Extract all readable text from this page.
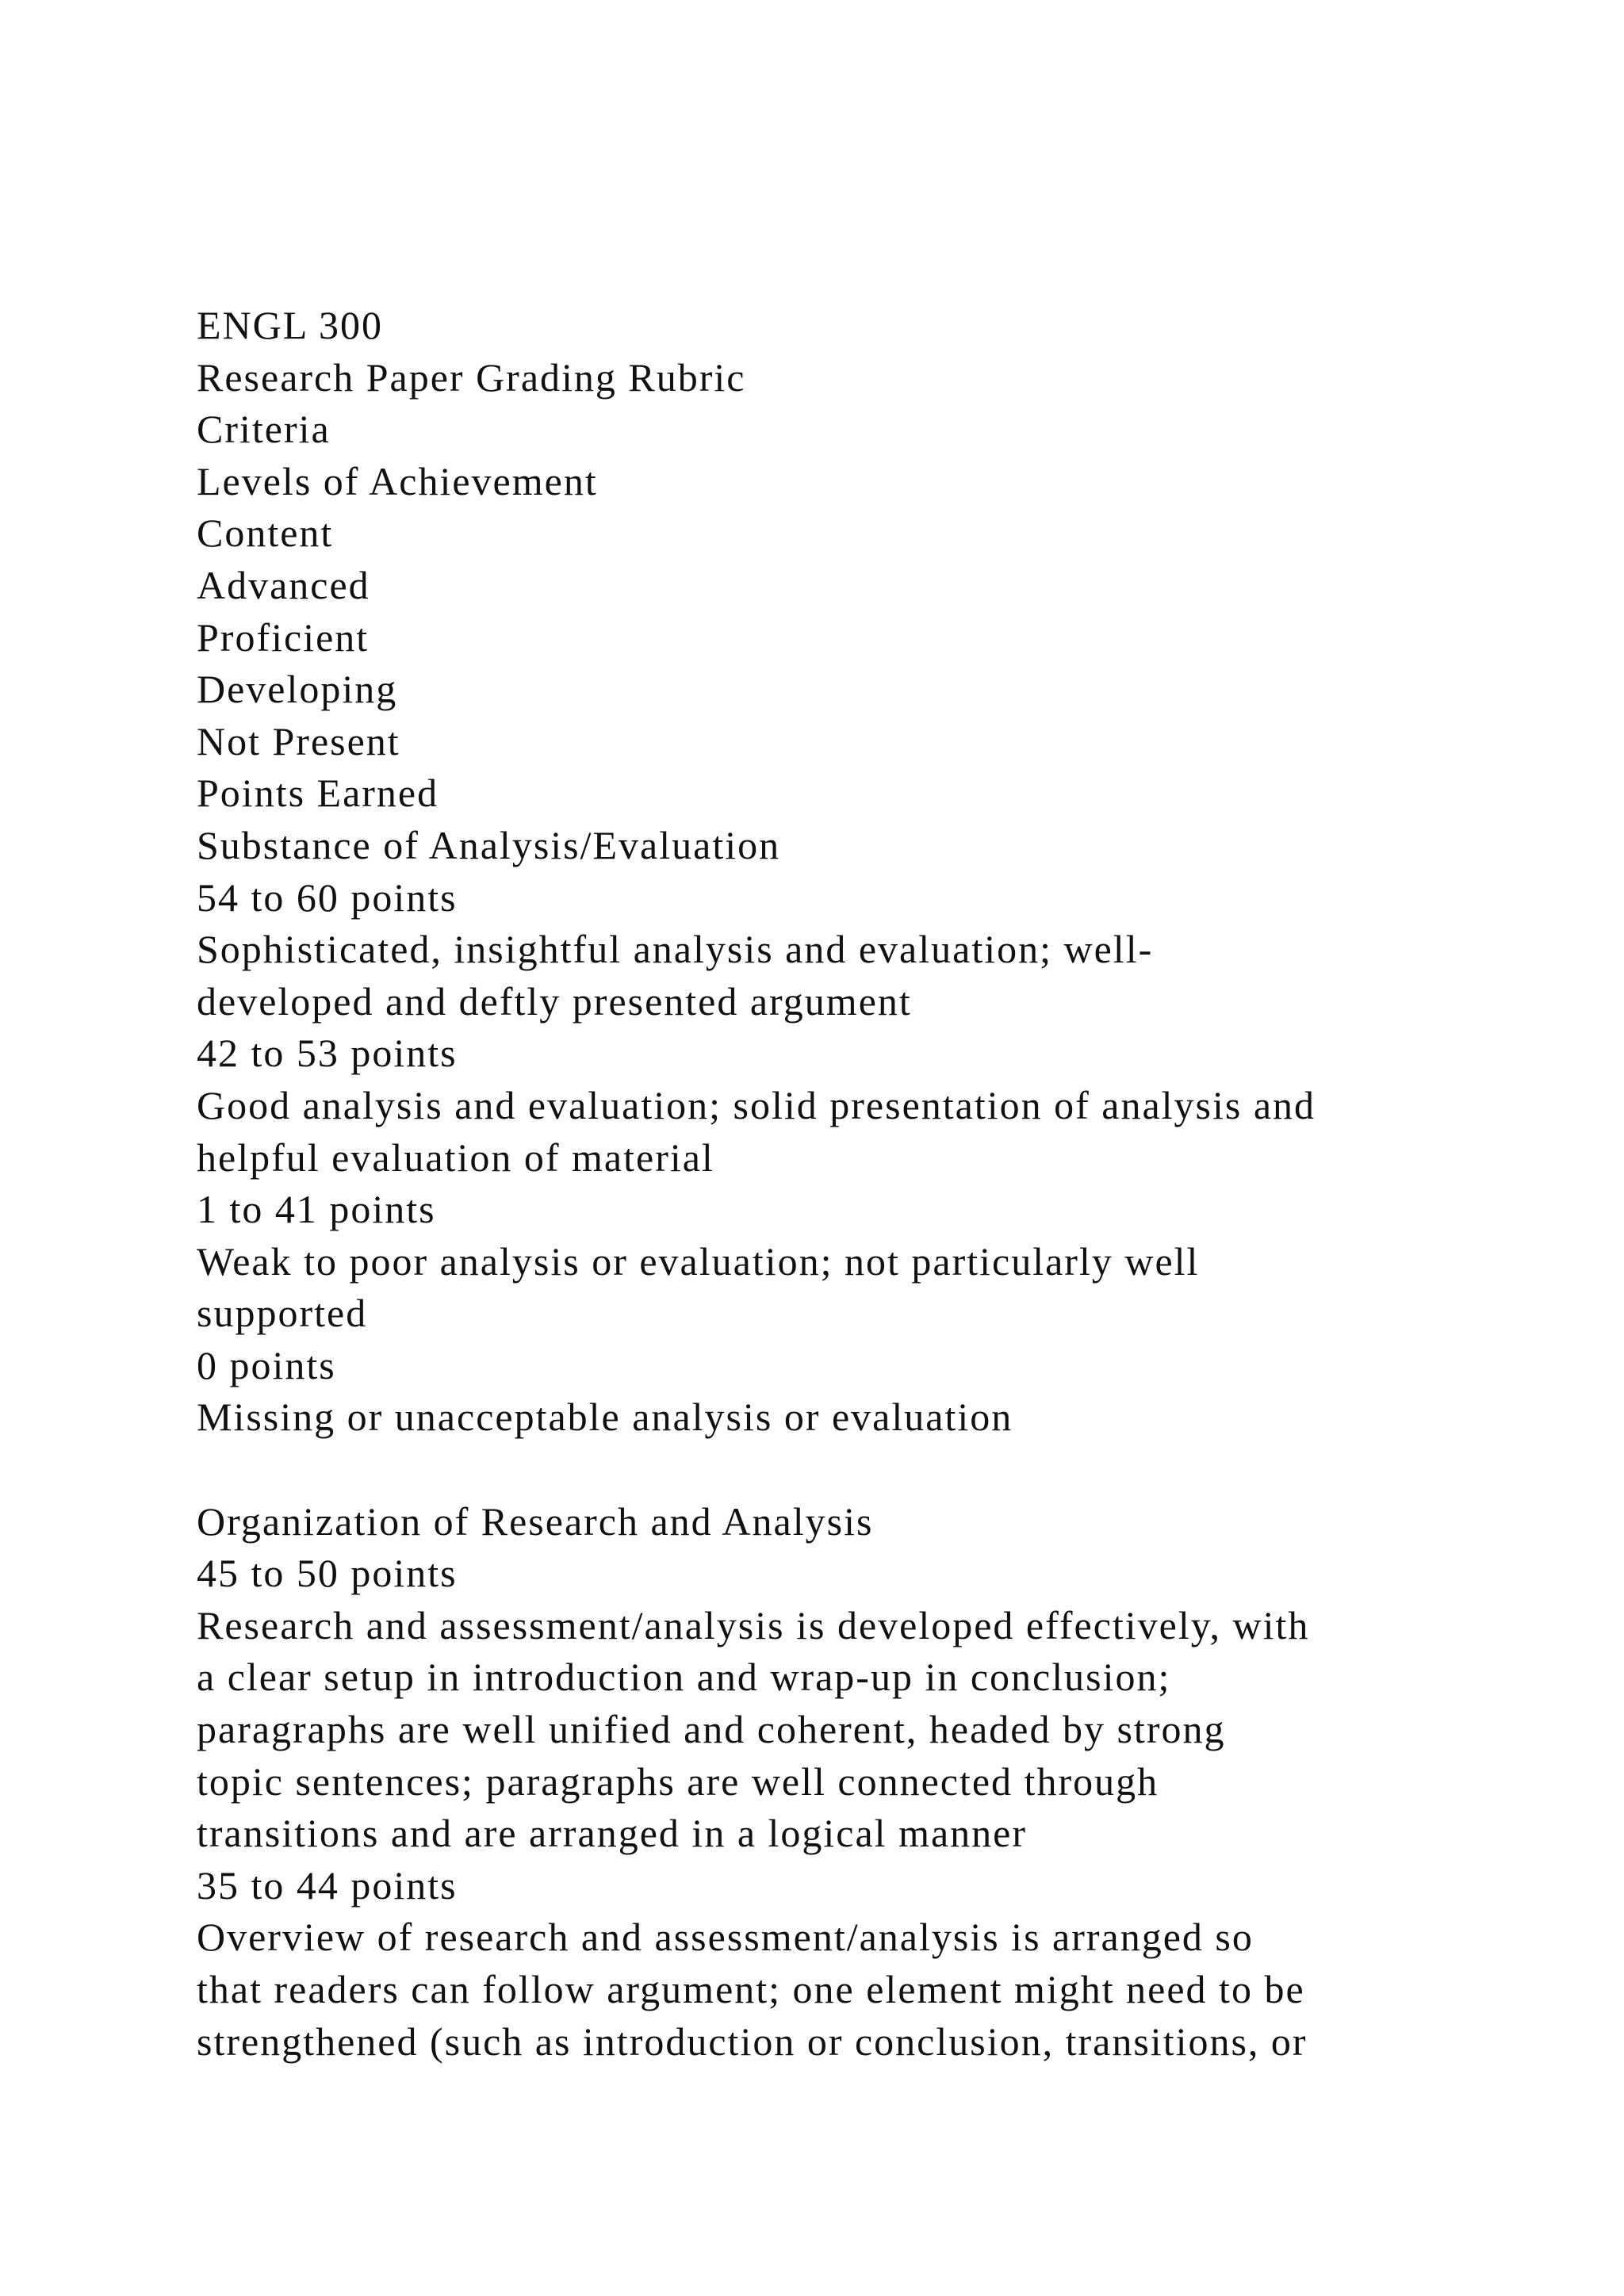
ENGL 300
Research Paper Grading Rubric
Criteria
Levels of Achievement
Content
Advanced
Proficient
Developing
Not Present
Points Earned
Substance of Analysis/Evaluation
54 to 60 points
Sophisticated, insightful analysis and evaluation; well-
developed and deftly presented argument
42 to 53 points
Good analysis and evaluation; solid presentation of analysis and
helpful evaluation of material
1 to 41 points
Weak to poor analysis or evaluation; not particularly well
supported
0 points
Missing or unacceptable analysis or evaluation
Organization of Research and Analysis
45 to 50 points
Research and assessment/analysis is developed effectively, with
a clear setup in introduction and wrap-up in conclusion;
paragraphs are well unified and coherent, headed by strong
topic sentences; paragraphs are well connected through
transitions and are arranged in a logical manner
35 to 44 points
Overview of research and assessment/analysis is arranged so
that readers can follow argument; one element might need to be
strengthened (such as introduction or conclusion, transitions, or
